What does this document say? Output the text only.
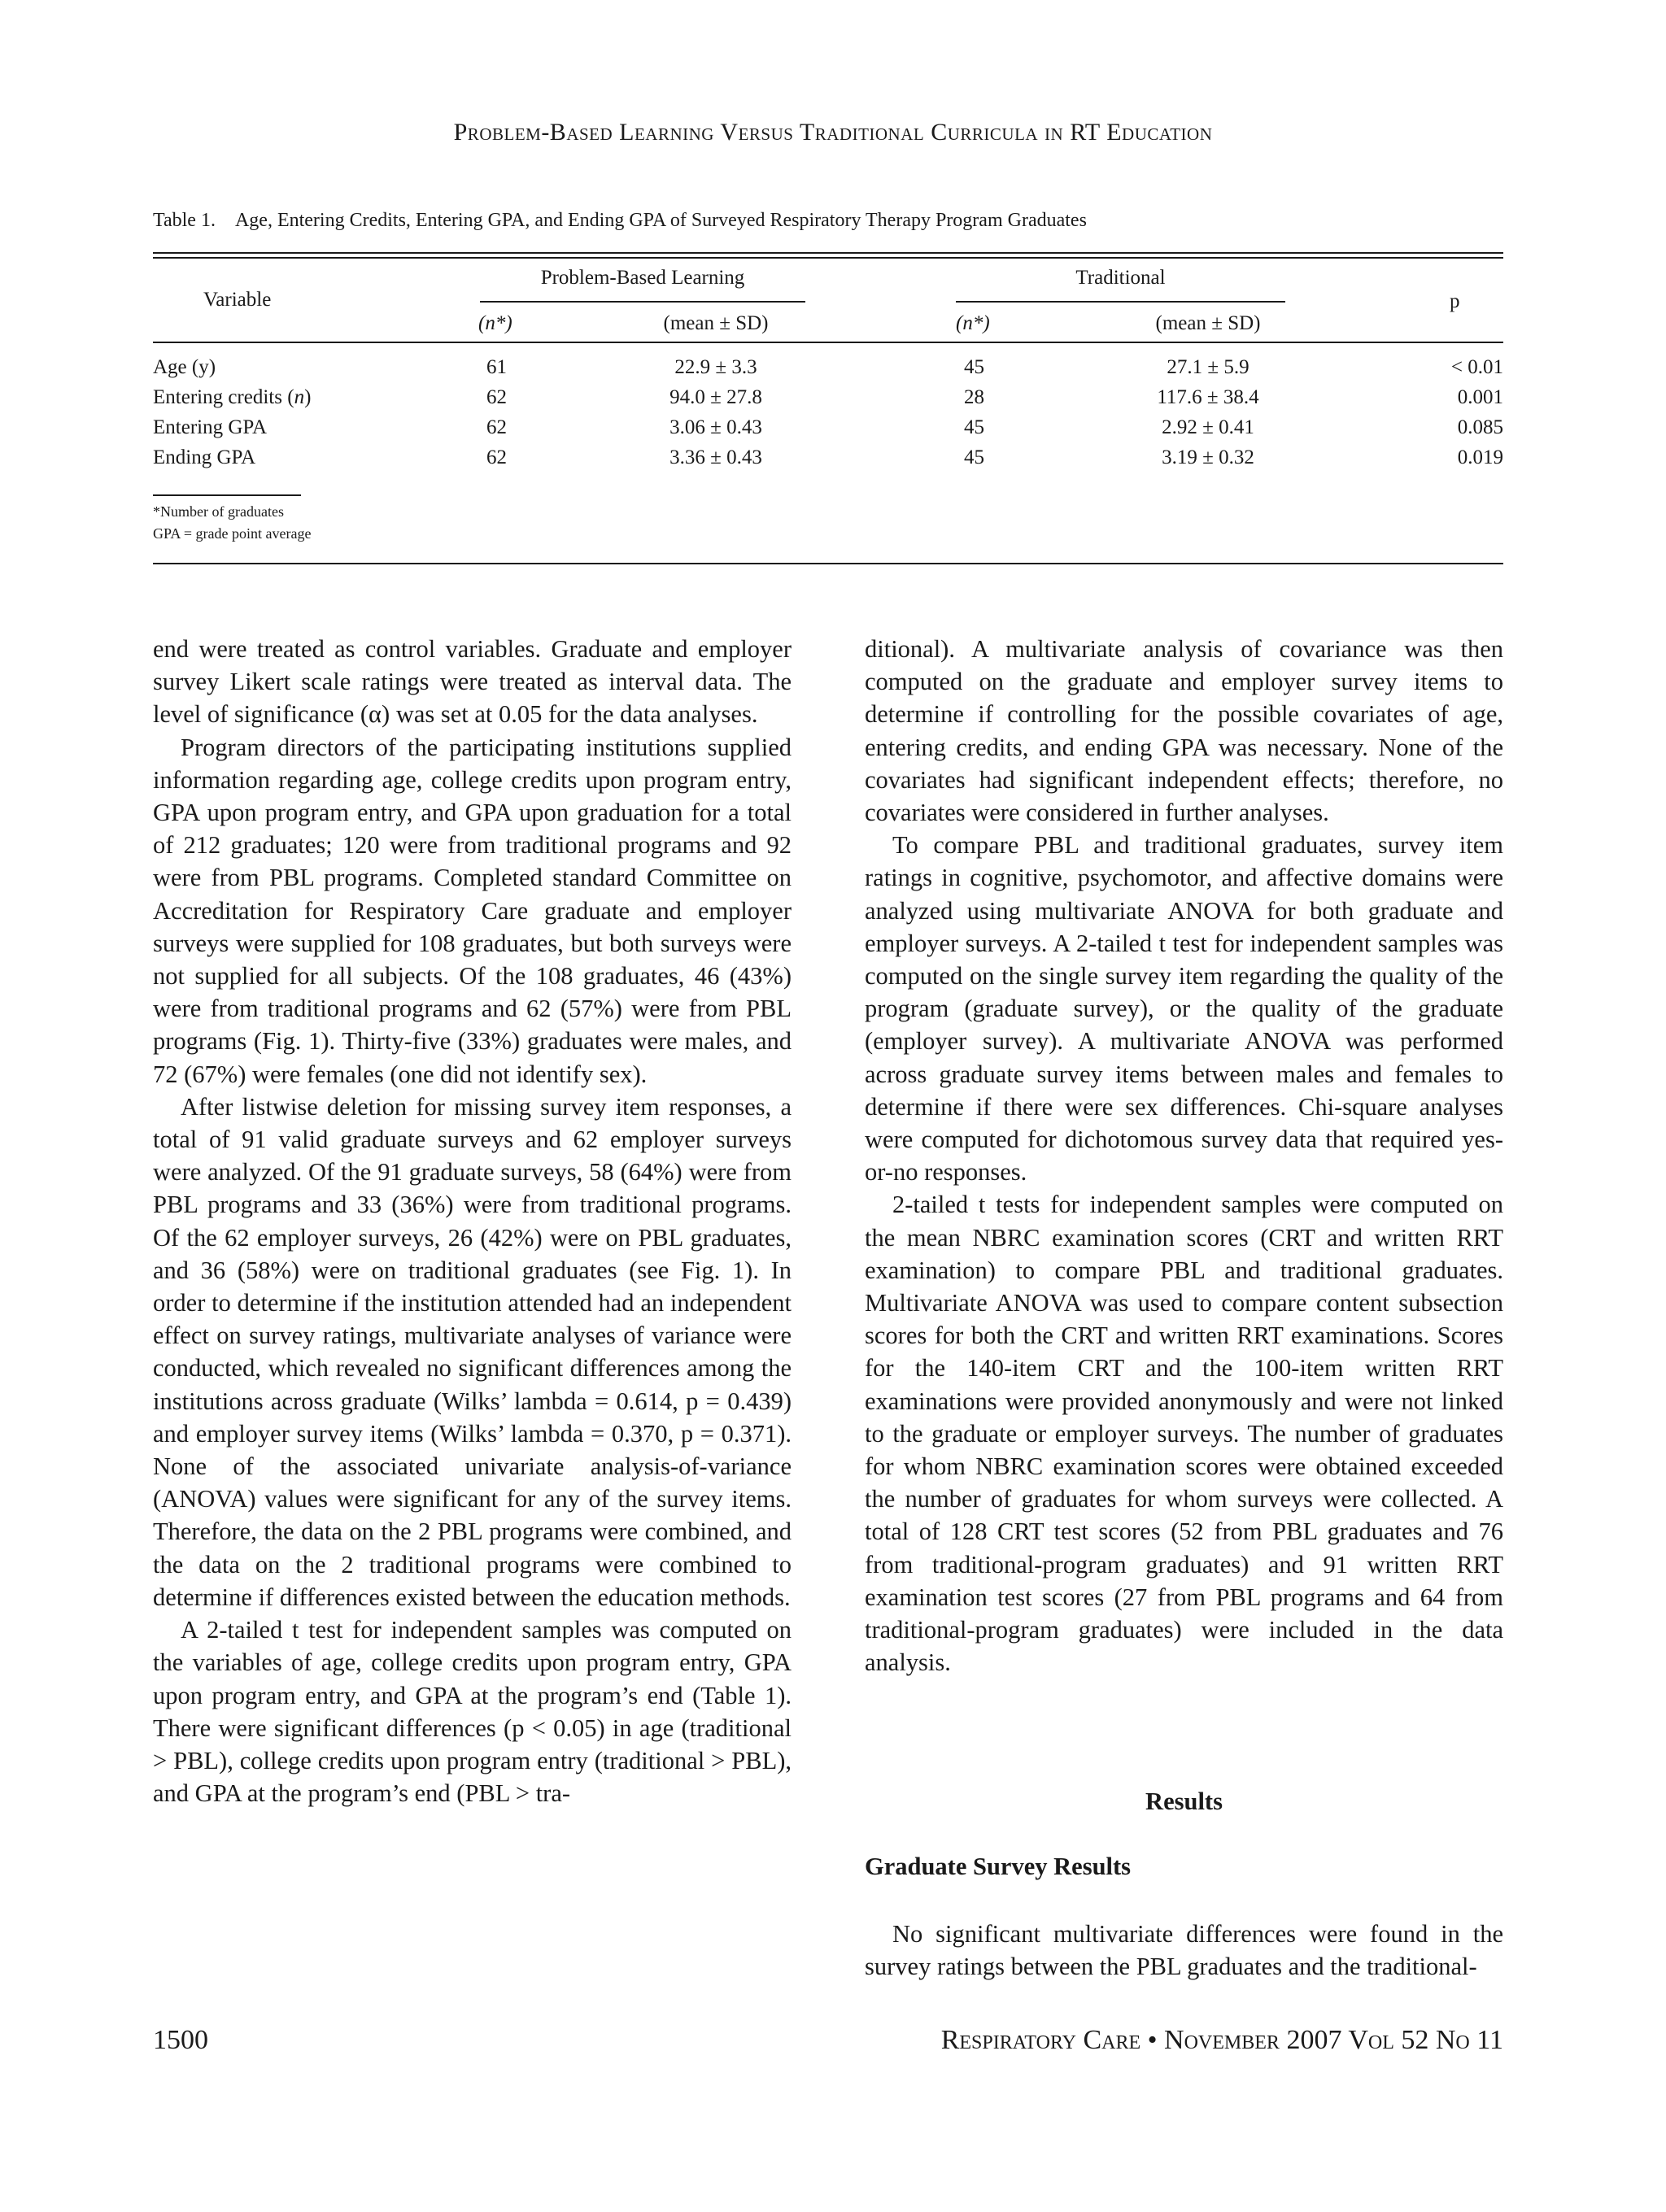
Problem-Based Learning Versus Traditional Curricula in RT Education
Table 1. Age, Entering Credits, Entering GPA, and Ending GPA of Surveyed Respiratory Therapy Program Graduates
Variable
Problem-Based Learning	Traditional
p
(n*)	(mean ± SD)	(n*)	(mean ± SD)
Age (y)	61	22.9 ± 3.3	45	27.1 ± 5.9	< 0.01
Entering credits (n)	62	94.0 ± 27.8	28	117.6 ± 38.4	0.001
Entering GPA	62	3.06 ± 0.43	45	2.92 ± 0.41	0.085
Ending GPA	62	3.36 ± 0.43	45	3.19 ± 0.32	0.019
*Number of graduates
GPA = grade point average

end were treated as control variables. Graduate and employer survey Likert scale ratings were treated as interval data. The level of significance (α) was set at 0.05 for the data analyses.

Program directors of the participating institutions supplied information regarding age, college credits upon program entry, GPA upon program entry, and GPA upon graduation for a total of 212 graduates; 120 were from traditional programs and 92 were from PBL programs. Completed standard Committee on Accreditation for Respiratory Care graduate and employer surveys were supplied for 108 graduates, but both surveys were not supplied for all subjects. Of the 108 graduates, 46 (43%) were from traditional programs and 62 (57%) were from PBL programs (Fig. 1). Thirty-five (33%) graduates were males, and 72 (67%) were females (one did not identify sex).

After listwise deletion for missing survey item responses, a total of 91 valid graduate surveys and 62 employer surveys were analyzed. Of the 91 graduate surveys, 58 (64%) were from PBL programs and 33 (36%) were from traditional programs. Of the 62 employer surveys, 26 (42%) were on PBL graduates, and 36 (58%) were on traditional graduates (see Fig. 1). In order to determine if the institution attended had an independent effect on survey ratings, multivariate analyses of variance were conducted, which revealed no significant differences among the institutions across graduate (Wilks’ lambda = 0.614, p = 0.439) and employer survey items (Wilks’ lambda = 0.370, p = 0.371). None of the associated univariate analysis-of-variance (ANOVA) values were significant for any of the survey items. Therefore, the data on the 2 PBL programs were combined, and the data on the 2 traditional programs were combined to determine if differences existed between the education methods.

A 2-tailed t test for independent samples was computed on the variables of age, college credits upon program entry, GPA upon program entry, and GPA at the program’s end (Table 1). There were significant differences (p < 0.05) in age (traditional > PBL), college credits upon program entry (traditional > PBL), and GPA at the program’s end (PBL > tra-

ditional). A multivariate analysis of covariance was then computed on the graduate and employer survey items to determine if controlling for the possible covariates of age, entering credits, and ending GPA was necessary. None of the covariates had significant independent effects; therefore, no covariates were considered in further analyses.

To compare PBL and traditional graduates, survey item ratings in cognitive, psychomotor, and affective domains were analyzed using multivariate ANOVA for both graduate and employer surveys. A 2-tailed t test for independent samples was computed on the single survey item regarding the quality of the program (graduate survey), or the quality of the graduate (employer survey). A multivariate ANOVA was performed across graduate survey items between males and females to determine if there were sex differences. Chi-square analyses were computed for dichotomous survey data that required yes-or-no responses.

2-tailed t tests for independent samples were computed on the mean NBRC examination scores (CRT and written RRT examination) to compare PBL and traditional graduates. Multivariate ANOVA was used to compare content subsection scores for both the CRT and written RRT examinations. Scores for the 140-item CRT and the 100-item written RRT examinations were provided anonymously and were not linked to the graduate or employer surveys. The number of graduates for whom NBRC examination scores were obtained exceeded the number of graduates for whom surveys were collected. A total of 128 CRT test scores (52 from PBL graduates and 76 from traditional-program graduates) and 91 written RRT examination test scores (27 from PBL programs and 64 from traditional-program graduates) were included in the data analysis.

Results
Graduate Survey Results

No significant multivariate differences were found in the survey ratings between the PBL graduates and the traditional-

1500	Respiratory Care • November 2007 Vol 52 No 11
